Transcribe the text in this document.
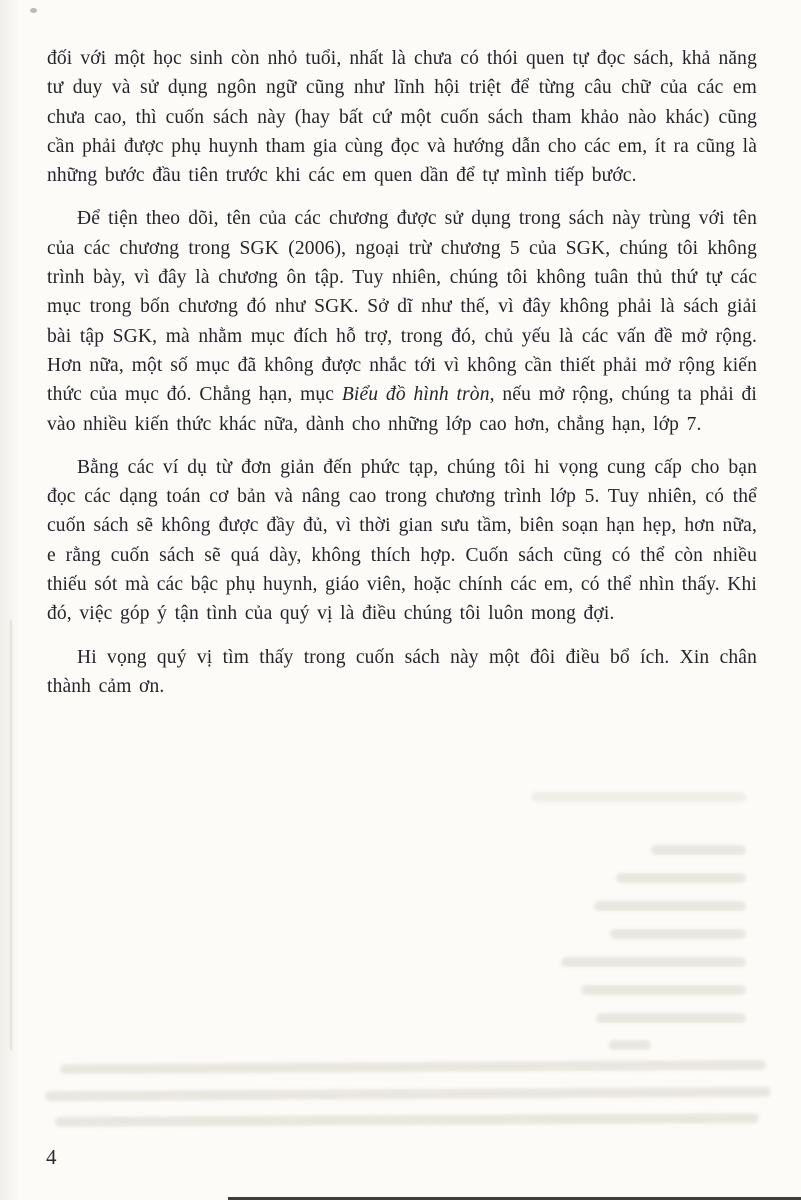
đối với một học sinh còn nhỏ tuổi, nhất là chưa có thói quen tự đọc sách, khả năng tư duy và sử dụng ngôn ngữ cũng như lĩnh hội triệt để từng câu chữ của các em chưa cao, thì cuốn sách này (hay bất cứ một cuốn sách tham khảo nào khác) cũng cần phải được phụ huynh tham gia cùng đọc và hướng dẫn cho các em, ít ra cũng là những bước đầu tiên trước khi các em quen dần để tự mình tiếp bước.

Để tiện theo dõi, tên của các chương được sử dụng trong sách này trùng với tên của các chương trong SGK (2006), ngoại trừ chương 5 của SGK, chúng tôi không trình bày, vì đây là chương ôn tập. Tuy nhiên, chúng tôi không tuân thủ thứ tự các mục trong bốn chương đó như SGK. Sở dĩ như thế, vì đây không phải là sách giải bài tập SGK, mà nhằm mục đích hỗ trợ, trong đó, chủ yếu là các vấn đề mở rộng. Hơn nữa, một số mục đã không được nhắc tới vì không cần thiết phải mở rộng kiến thức của mục đó. Chẳng hạn, mục Biểu đồ hình tròn, nếu mở rộng, chúng ta phải đi vào nhiều kiến thức khác nữa, dành cho những lớp cao hơn, chẳng hạn, lớp 7.

Bằng các ví dụ từ đơn giản đến phức tạp, chúng tôi hi vọng cung cấp cho bạn đọc các dạng toán cơ bản và nâng cao trong chương trình lớp 5. Tuy nhiên, có thể cuốn sách sẽ không được đầy đủ, vì thời gian sưu tầm, biên soạn hạn hẹp, hơn nữa, e rằng cuốn sách sẽ quá dày, không thích hợp. Cuốn sách cũng có thể còn nhiều thiếu sót mà các bậc phụ huynh, giáo viên, hoặc chính các em, có thể nhìn thấy. Khi đó, việc góp ý tận tình của quý vị là điều chúng tôi luôn mong đợi.

Hi vọng quý vị tìm thấy trong cuốn sách này một đôi điều bổ ích. Xin chân thành cảm ơn.

4
